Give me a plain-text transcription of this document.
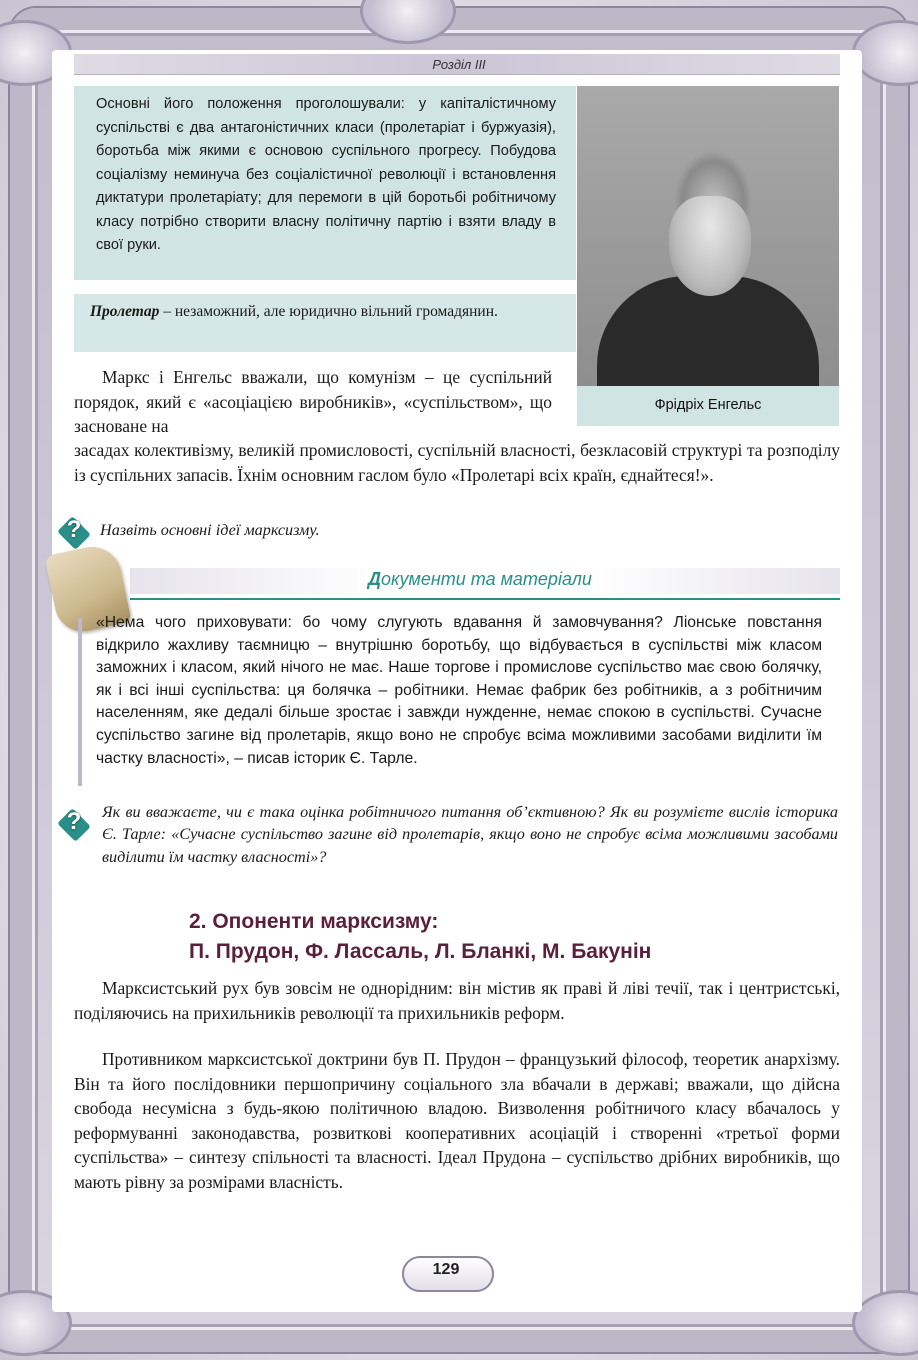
Розділ ІІІ
Основні його положення проголошували: у капіталістичному суспільстві є два антагоністичних класи (пролетаріат і буржуазія), боротьба між якими є основою суспільного прогресу. Побудова соціалізму неминуча без соціалістичної революції і встановлення диктатури пролетаріату; для перемоги в цій боротьбі робітничому класу потрібно створити власну політичну партію і взяти владу в свої руки.
Пролетар – незаможний, але юридично вільний громадянин.
Фрідріх Енгельс
Маркс і Енгельс вважали, що комунізм – це суспільний порядок, який є «асоціацією виробників», «суспільством», що засноване на
засадах колективізму, великій промисловості, суспільній власності, безкласовій структурі та розподілу із суспільних запасів. Їхнім основним гаслом було «Пролетарі всіх країн, єднайтеся!».
?	Назвіть основні ідеї марксизму.
Документи та матеріали
«Нема чого приховувати: бо чому слугують вдавання й замовчування? Ліонське повстання відкрило жахливу таємницю – внутрішню боротьбу, що відбувається в суспільстві між класом заможних і класом, який нічого не має. Наше торгове і промислове суспільство має свою болячку, як і всі інші суспільства: ця болячка – робітники. Немає фабрик без робітників, а з робітничим населенням, яке дедалі більше зростає і завжди нужденне, немає спокою в суспільстві. Сучасне суспільство загине від пролетарів, якщо воно не спробує всіма можливими засобами виділити їм частку власності», – писав історик Є. Тарле.
?	Як ви вважаєте, чи є така оцінка робітничого питання об’єктивною? Як ви розумієте вислів історика Є. Тарле: «Сучасне суспільство загине від пролетарів, якщо воно не спробує всіма можливими засобами виділити їм частку власності»?
2. Опоненти марксизму:
П. Прудон, Ф. Лассаль, Л. Бланкі, М. Бакунін
Марксистський рух був зовсім не однорідним: він містив як праві й ліві течії, так і центристські, поділяючись на прихильників революції та прихильників реформ.
Противником марксистської доктрини був П. Прудон – французький філософ, теоретик анархізму. Він та його послідовники першопричину соціального зла вбачали в державі; вважали, що дійсна свобода несумісна з будь-якою політичною владою. Визволення робітничого класу вбачалось у реформуванні законодавства, розвиткові кооперативних асоціацій і створенні «третьої форми суспільства» – синтезу спільності та власності. Ідеал Прудона – суспільство дрібних виробників, що мають рівну за розмірами власність.
129
